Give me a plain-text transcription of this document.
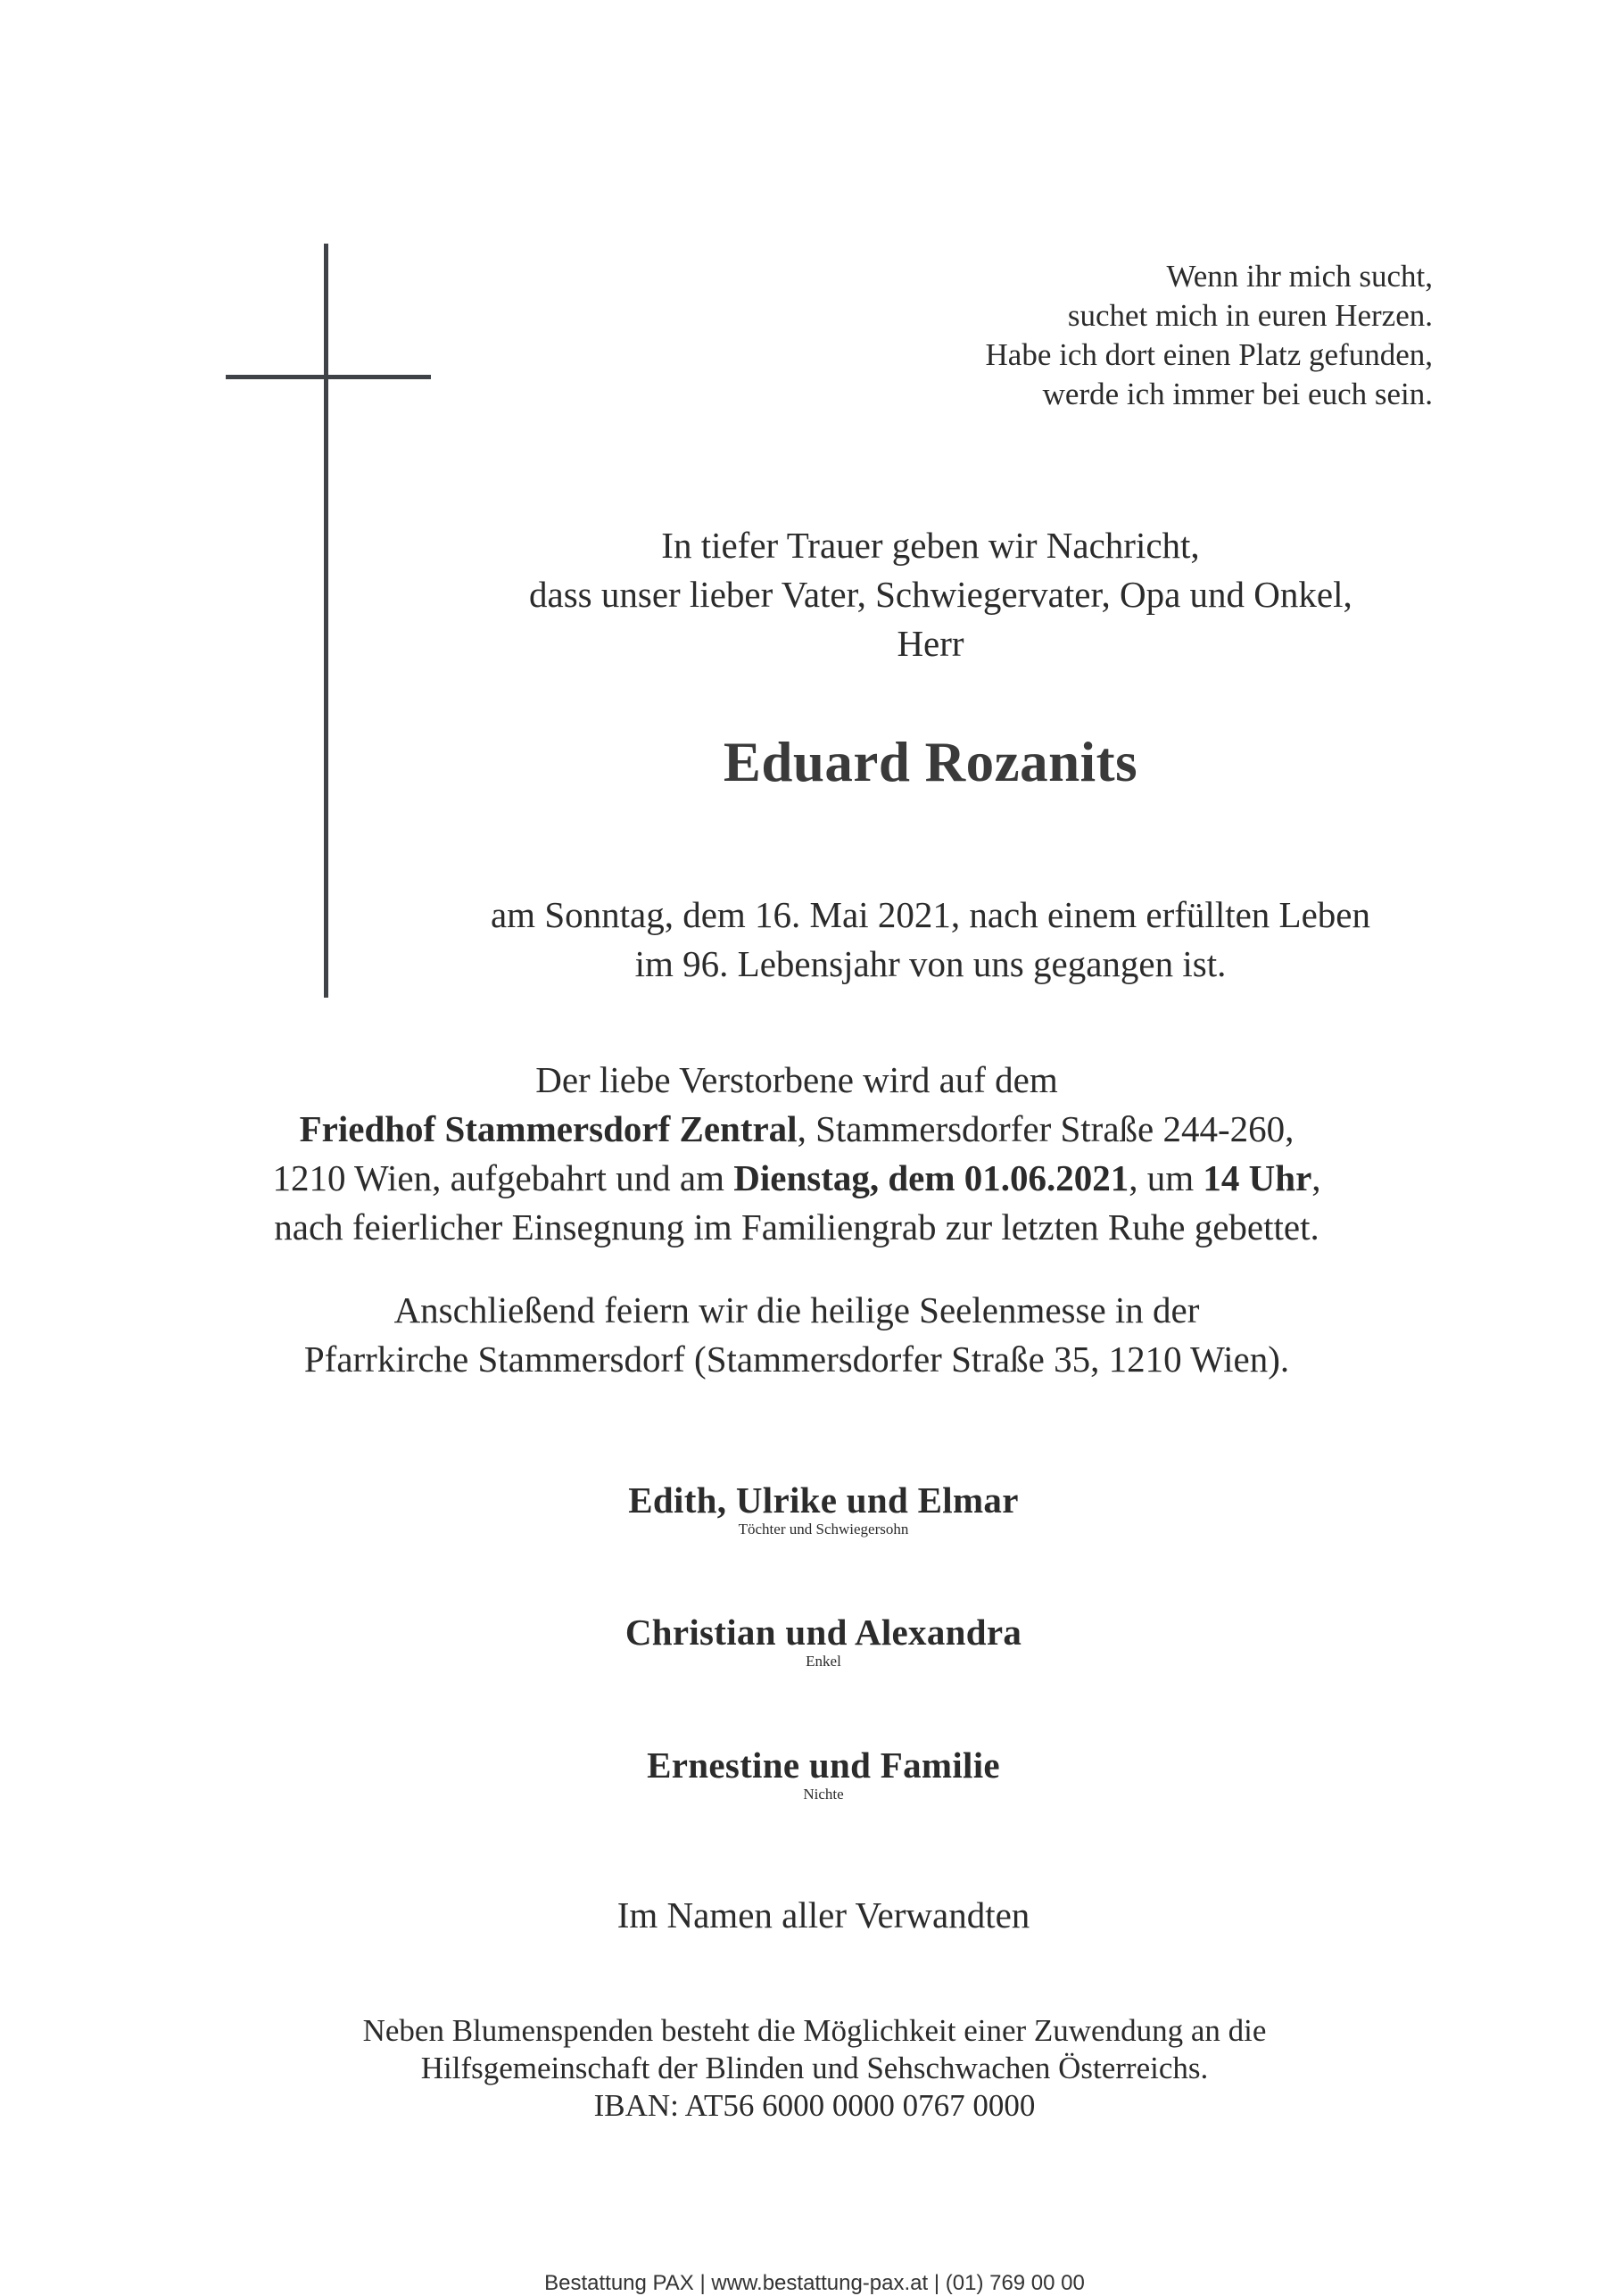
Wenn ihr mich sucht,
suchet mich in euren Herzen.
Habe ich dort einen Platz gefunden,
werde ich immer bei euch sein.
In tiefer Trauer geben wir Nachricht,
dass unser lieber Vater, Schwiegervater, Opa und Onkel,
Herr
Eduard Rozanits
am Sonntag, dem 16. Mai 2021, nach einem erfüllten Leben
im 96. Lebensjahr von uns gegangen ist.
Der liebe Verstorbene wird auf dem
Friedhof Stammersdorf Zentral, Stammersdorfer Straße 244-260,
1210 Wien, aufgebahrt und am Dienstag, dem 01.06.2021, um 14 Uhr,
nach feierlicher Einsegnung im Familiengrab zur letzten Ruhe gebettet.
Anschließend feiern wir die heilige Seelenmesse in der
Pfarrkirche Stammersdorf (Stammersdorfer Straße 35, 1210 Wien).
Edith, Ulrike und Elmar
Töchter und Schwiegersohn
Christian und Alexandra
Enkel
Ernestine und Familie
Nichte
Im Namen aller Verwandten
Neben Blumenspenden besteht die Möglichkeit einer Zuwendung an die
Hilfsgemeinschaft der Blinden und Sehschwachen Österreichs.
IBAN: AT56 6000 0000 0767 0000
Bestattung PAX | www.bestattung-pax.at | (01) 769 00 00
